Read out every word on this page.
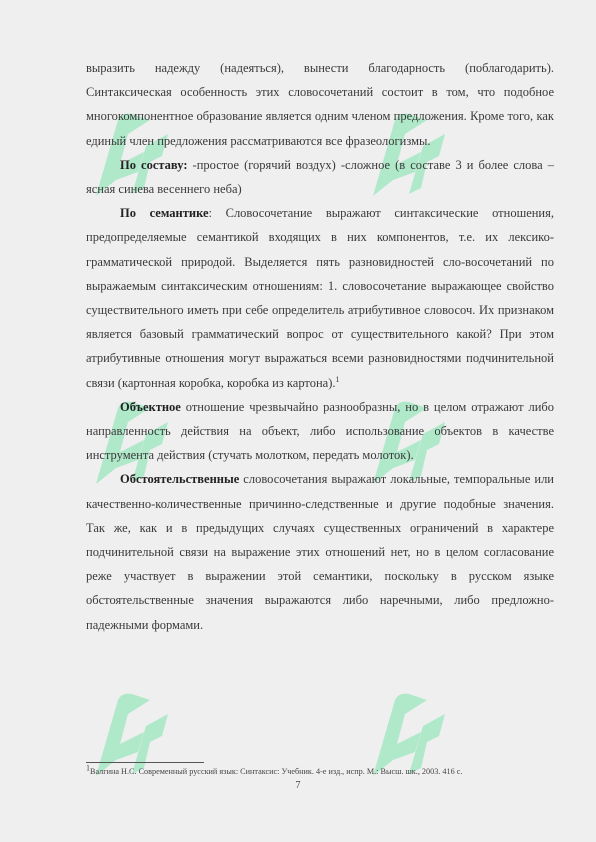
выразить надежду (надеяться), вынести благодарность (поблагодарить). Синтаксическая особенность этих словосочетаний состоит в том, что подобное многокомпонентное образование является одним членом предложения. Кроме того, как единый член предложения рассматриваются все фразеологизмы.

По составу: -простое (горячий воздух) -сложное (в составе 3 и более слова – ясная синева весеннего неба)

По семантике: Словосочетание выражают синтаксические отношения, предопределяемые семантикой входящих в них компонентов, т.е. их лексико-грамматической природой. Выделяется пять разновидностей сло-восочетаний по выражаемым синтаксическим отношениям: 1. словосочетание выражающее свойство существительного иметь при себе определитель атрибутивное словосоч. Их признаком является базовый грамматический вопрос от существительного какой? При этом атрибутивные отношения могут выражаться всеми разновидностями подчинительной связи (картонная коробка, коробка из картона).$^1$

Объектное отношение чрезвычайно разнообразны, но в целом отражают либо направленность действия на объект, либо использование объектов в качестве инструмента действия (стучать молотком, передать молоток).

Обстоятельственные словосочетания выражают локальные, темпоральные или качественно-количественные причинно-следственные и другие подобные значения. Так же, как и в предыдущих случаях существенных ограничений в характере подчинительной связи на выражение этих отношений нет, но в целом согласование реже участвует в выражении этой семантики, поскольку в русском языке обстоятельственные значения выражаются либо наречными, либо предложно-падежными формами.

$^1$Валгина Н.С. Современный русский язык: Синтаксис: Учебник. 4-е изд., испр. М.: Высш. шк., 2003. 416 с.
7
